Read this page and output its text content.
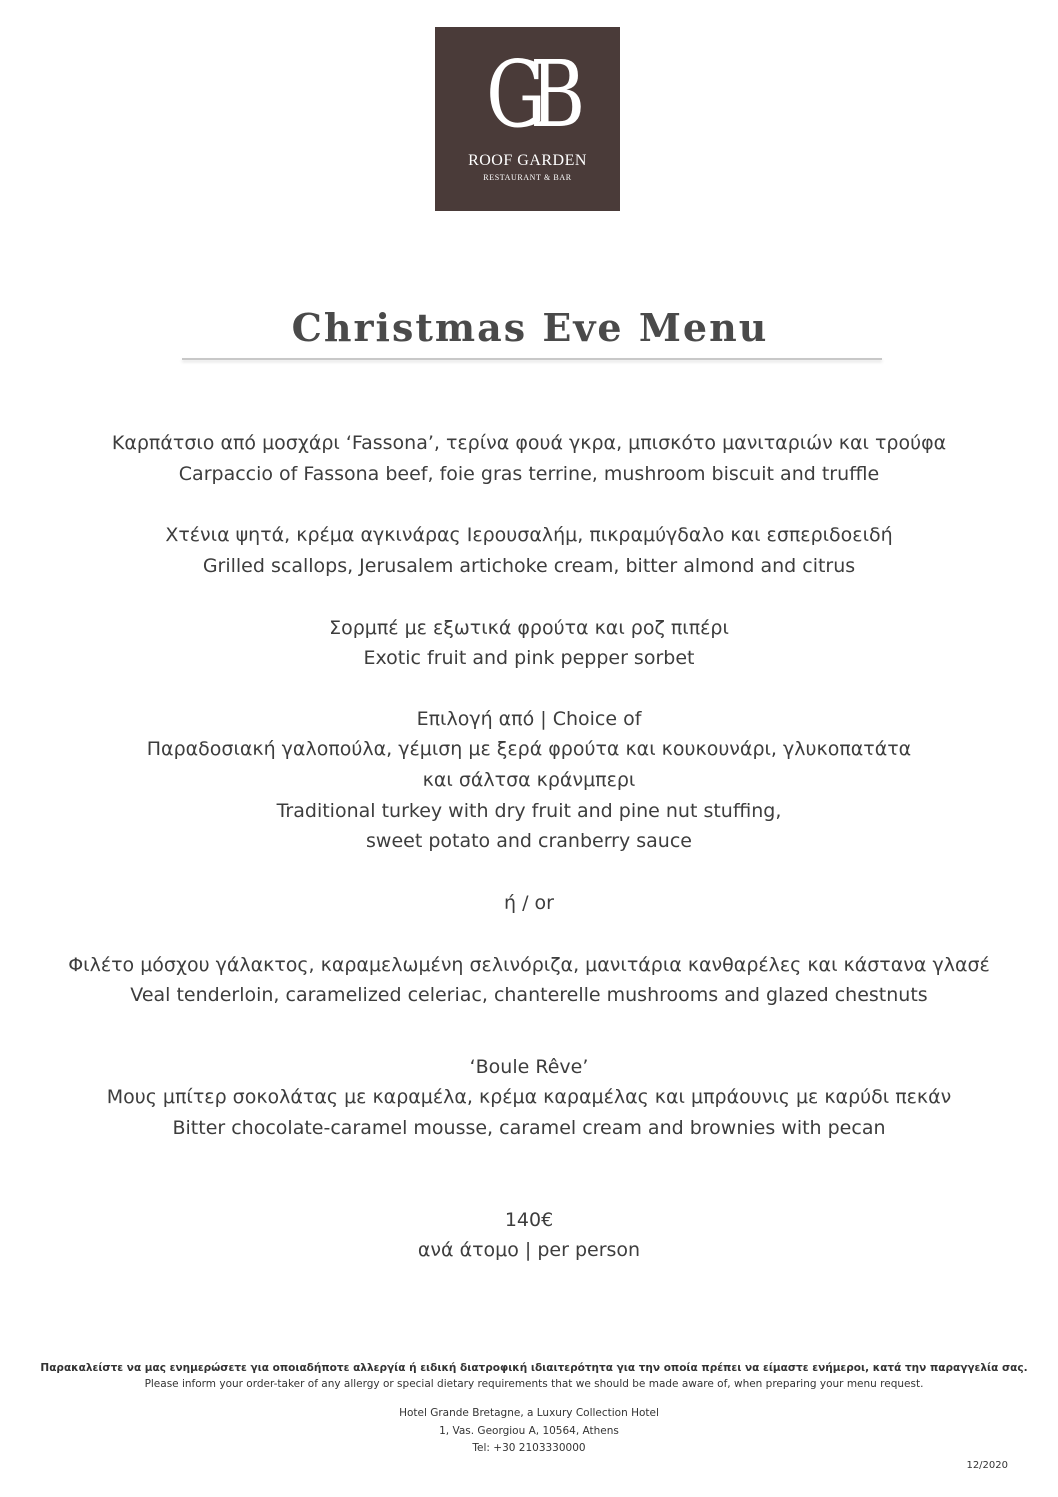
GB
ROOF GARDEN
RESTAURANT & BAR
Christmas Eve Menu
Καρπάτσιο από μοσχάρι ‘Fassona’, τερίνα φουά γκρα, μπισκότο μανιταριών και τρούφα
Carpaccio of Fassona beef, foie gras terrine, mushroom biscuit and truffle
Χτένια ψητά, κρέμα αγκινάρας Ιερουσαλήμ, πικραμύγδαλο και εσπεριδοειδή
Grilled scallops, Jerusalem artichoke cream, bitter almond and citrus
Σορμπέ με εξωτικά φρούτα και ροζ πιπέρι
Exotic fruit and pink pepper sorbet
Επιλογή από | Choice of
Παραδοσιακή γαλοπούλα, γέμιση με ξερά φρούτα και κουκουνάρι, γλυκοπατάτα
και σάλτσα κράνμπερι
Traditional turkey with dry fruit and pine nut stuffing,
sweet potato and cranberry sauce
ή / or
Φιλέτο μόσχου γάλακτος, καραμελωμένη σελινόριζα, μανιτάρια κανθαρέλες και κάστανα γλασέ
Veal tenderloin, caramelized celeriac, chanterelle mushrooms and glazed chestnuts
‘Boule Rêve’
Μους μπίτερ σοκολάτας με καραμέλα, κρέμα καραμέλας και μπράουνις με καρύδι πεκάν
Bitter chocolate-caramel mousse, caramel cream and brownies with pecan
140€
ανά άτομο | per person
Παρακαλείστε να μας ενημερώσετε για οποιαδήποτε αλλεργία ή ειδική διατροφική ιδιαιτερότητα για την οποία πρέπει να είμαστε ενήμεροι, κατά την παραγγελία σας.
Please inform your order-taker of any allergy or special dietary requirements that we should be made aware of, when preparing your menu request.
Hotel Grande Bretagne, a Luxury Collection Hotel
1, Vas. Georgiou A, 10564, Athens
Tel: +30 2103330000
12/2020
